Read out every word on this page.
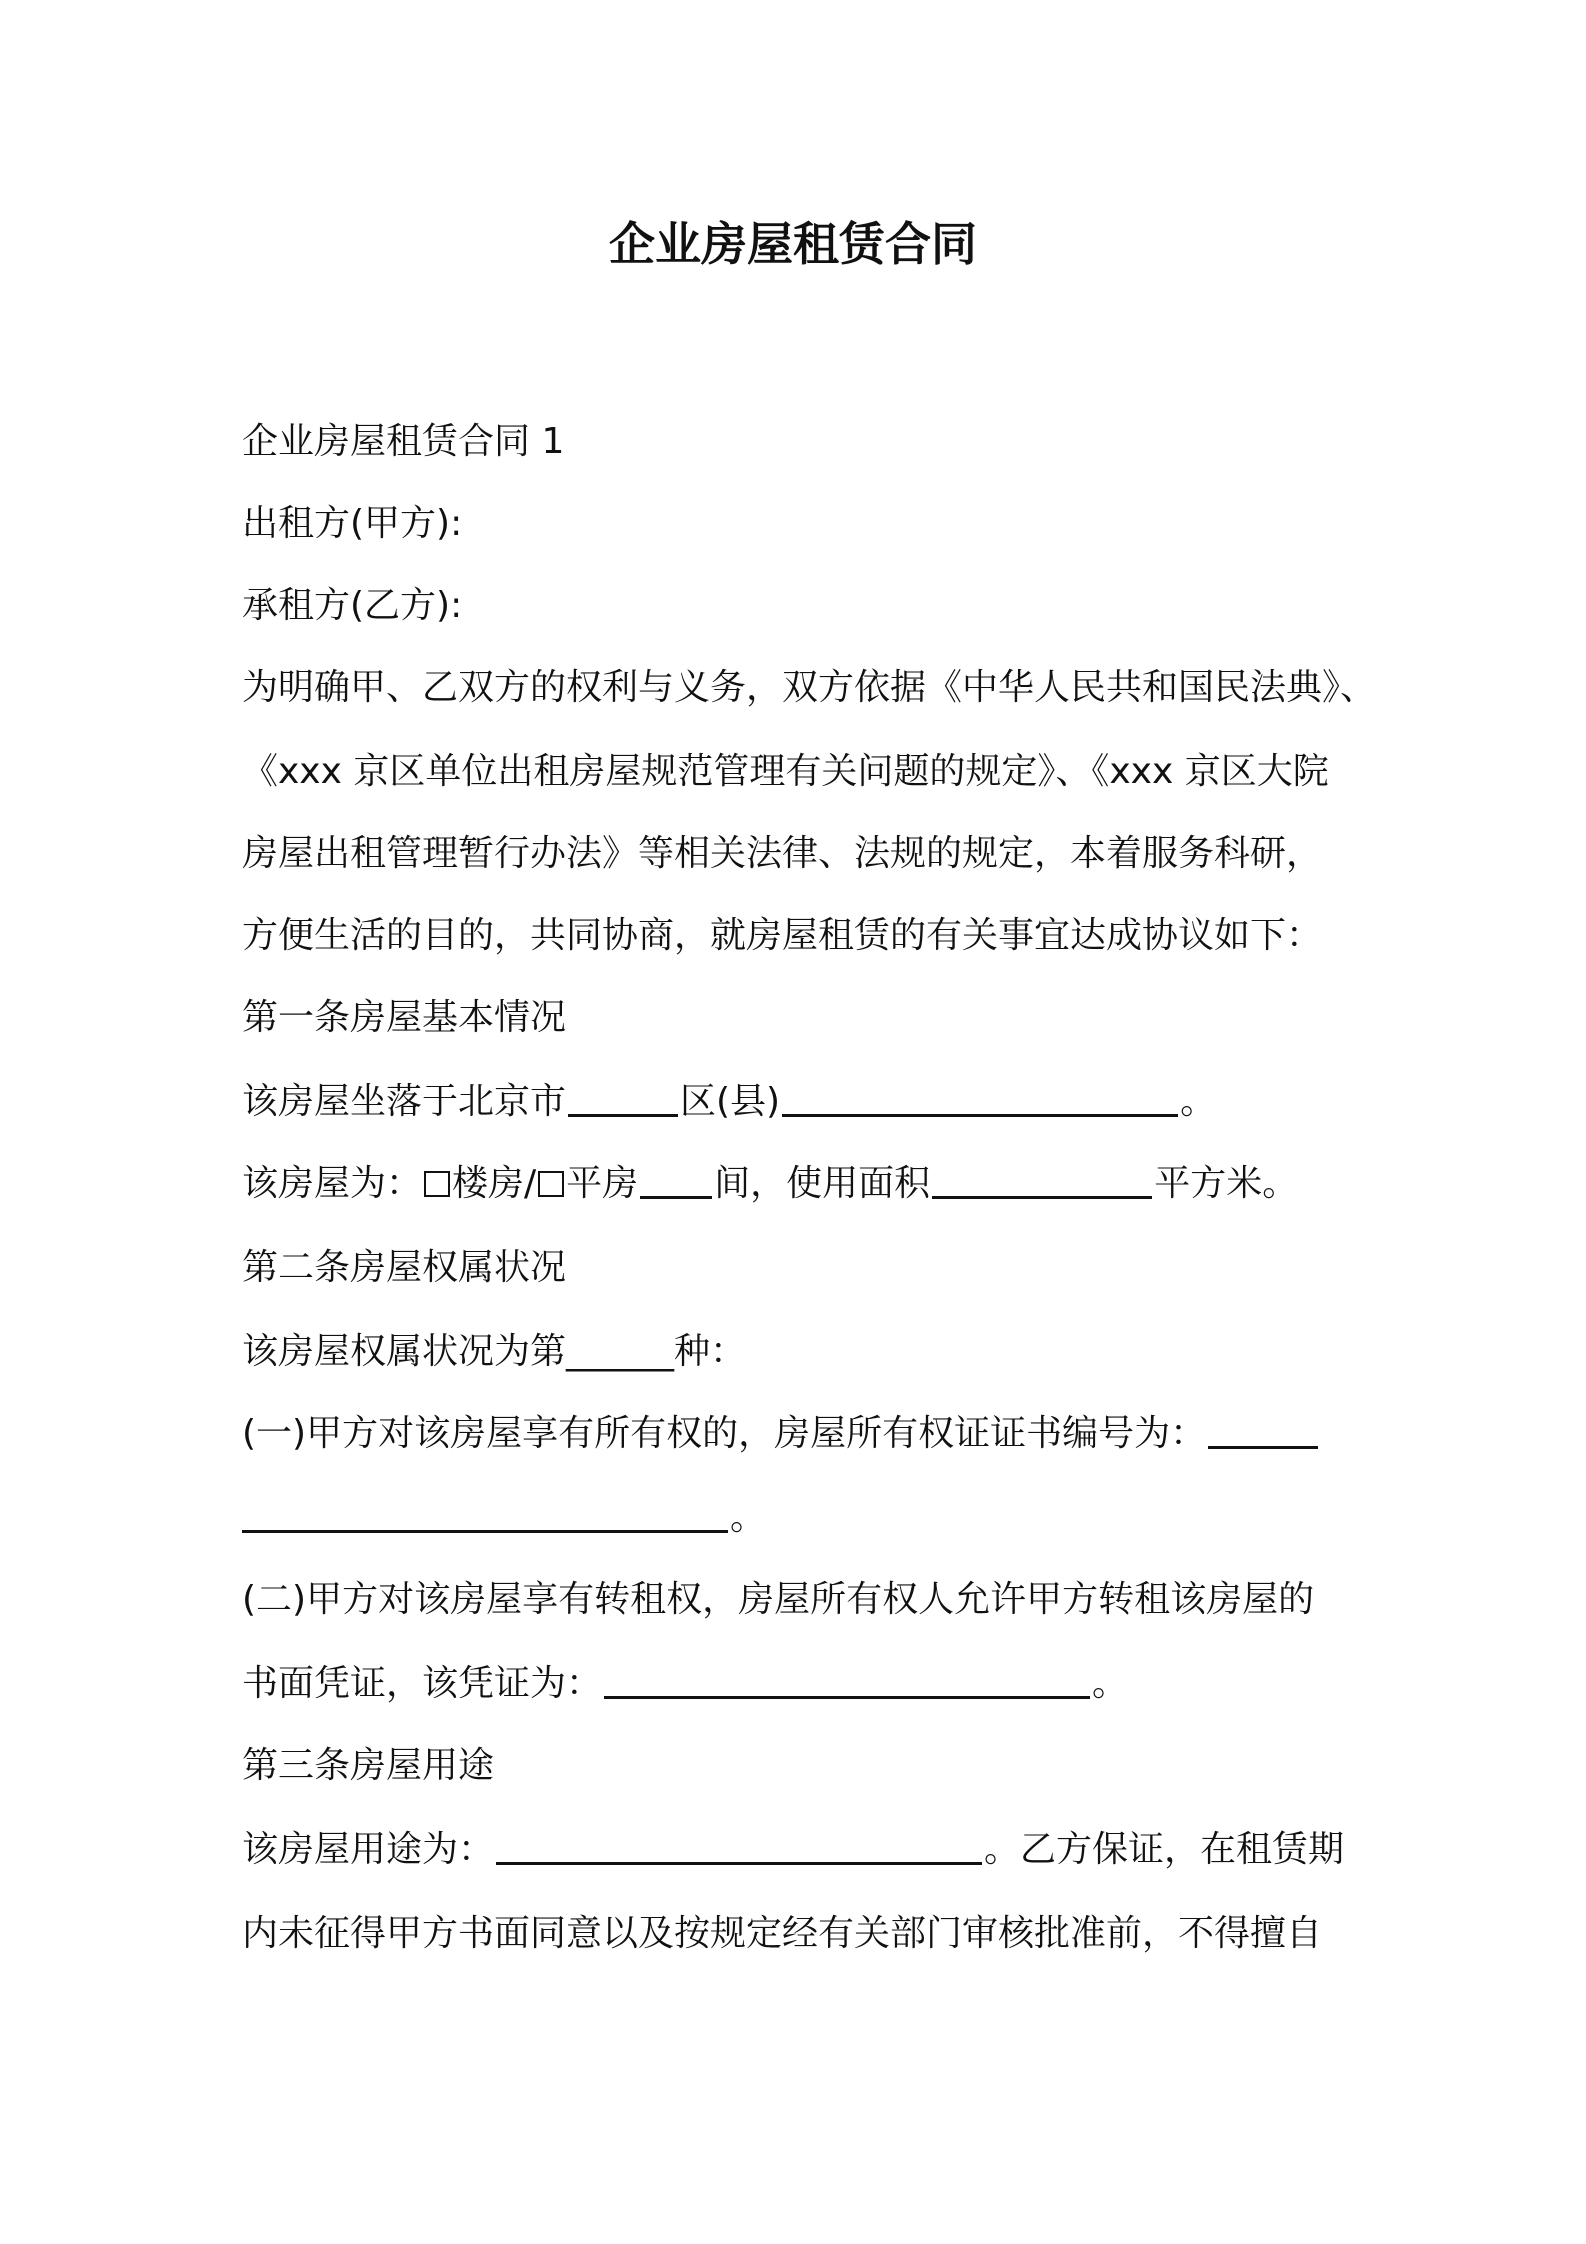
企业房屋租赁合同
企业房屋租赁合同 1
出租方(甲方):
承租方(乙方):
为明确甲、乙双方的权利与义务，双方依据《中华人民共和国民法典》、
《xxx 京区单位出租房屋规范管理有关问题的规定》、《xxx 京区大院
房屋出租管理暂行办法》等相关法律、法规的规定，本着服务科研，
方便生活的目的，共同协商，就房屋租赁的有关事宜达成协议如下：
第一条房屋基本情况
该房屋坐落于北京市	区(县)	。
该房屋为： 楼房/ 平房 间，使用面积	平方米。
第二条房屋权属状况
该房屋权属状况为第______种：
(一)甲方对该房屋享有所有权的，房屋所有权证证书编号为：
。
(二)甲方对该房屋享有转租权，房屋所有权人允许甲方转租该房屋的
书面凭证，该凭证为：	。
第三条房屋用途
该房屋用途为：	。乙方保证，在租赁期
内未征得甲方书面同意以及按规定经有关部门审核批准前，不得擅自
